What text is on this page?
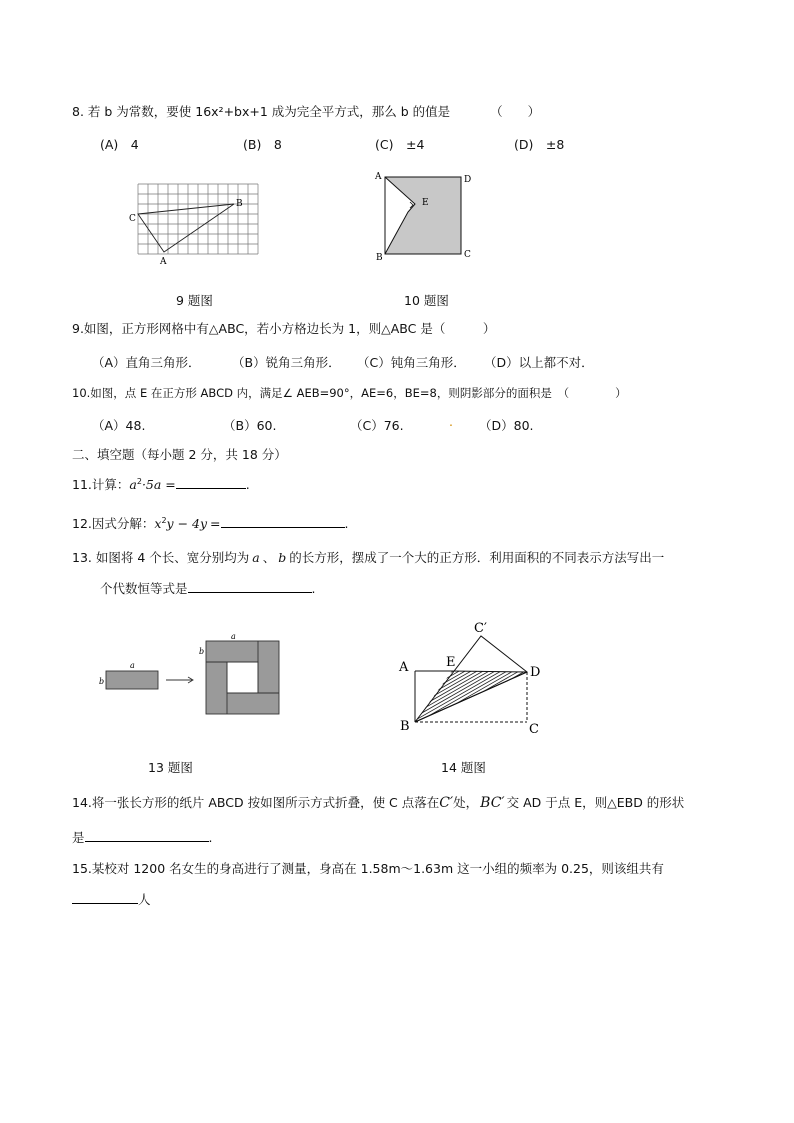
8. 若 b 为常数，要使 16x²+bx+1 成为完全平方式，那么 b 的值是	（　　）
(A)　4	(B)　8	(C)　±4	(D)　±8
B
C
A
9 题图
A	D
E
B	C
10 题图
9.如图，正方形网格中有△ABC，若小方格边长为 1，则△ABC 是（　　　）
（A）直角三角形．	（B）锐角三角形． （C）钝角三角形． （D）以上都不对．
10.如图，点 E 在正方形 ABCD 内，满足∠ AEB=90°，AE=6，BE=8，则阴影部分的面积是　（　　　　）
（A）48.	（B）60.	（C）76.	. （D）80.
二、填空题（每小题 2 分，共 18 分）
11.计算：$a^2\cdot 5a$ =	.
12.因式分解：$x^2y - 4y$ =	.
13. 如图将 4 个长、宽分别均为 a 、 b 的长方形，摆成了一个大的正方形．利用面积的不同表示方法写出一
个代数恒等式是	.
a
b
a
b
13 题图
C′
A	E
D
B	C
14 题图
14.将一张长方形的纸片 ABCD 按如图所示方式折叠，使 C 点落在C′处， BC′ 交 AD 于点 E，则△EBD 的形状
是	.
15.某校对 1200 名女生的身高进行了测量，身高在 1.58m～1.63m 这一小组的频率为 0.25，则该组共有
人
